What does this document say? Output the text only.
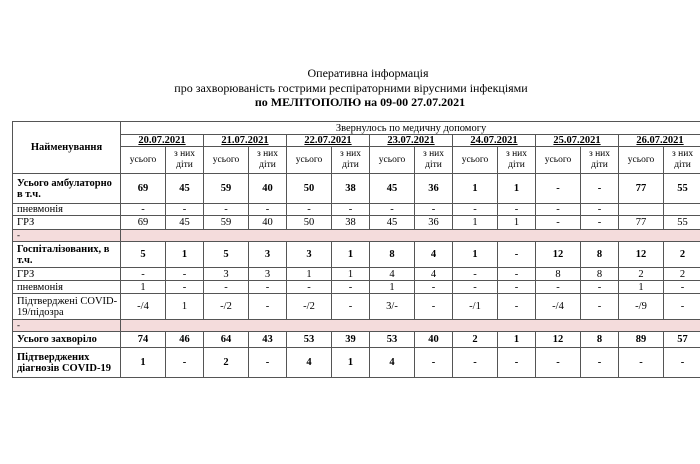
Оперативна інформація
про захворюваність гострими респіраторними вірусними інфекціями
по МЕЛІТОПОЛЮ на 09-00 27.07.2021
Найменування	Звернулось по медичну допомогу													
	20.07.2021		21.07.2021		22.07.2021		23.07.2021		24.07.2021		25.07.2021		26.07.2021	
	усього	з них діти	усього	з них діти	усього	з них діти	усього	з них діти	усього	з них діти	усього	з них діти	усього	з них діти
Усього амбулаторно в т.ч.	69	45	59	40	50	38	45	36	1	1	-	-	77	55
пневмонія	-	-	-	-	-	-	-	-	-	-	-	-		
ГРЗ	69	45	59	40	50	38	45	36	1	1	-	-	77	55
-														
Госпіталізованих, в т.ч.	5	1	5	3	3	1	8	4	1	-	12	8	12	2
ГРЗ	-	-	3	3	1	1	4	4	-	-	8	8	2	2
пневмонія	1	-	-	-	-	-	1	-	-	-	-	-	1	-
Підтверджені COVID-19/підозра	-/4	1	-/2	-	-/2	-	3/-	-	-/1	-	-/4	-	-/9	-
-														
Усього захворіло	74	46	64	43	53	39	53	40	2	1	12	8	89	57
Підтверджених діагнозів COVID-19	1	-	2	-	4	1	4	-	-	-	-	-	-	-
